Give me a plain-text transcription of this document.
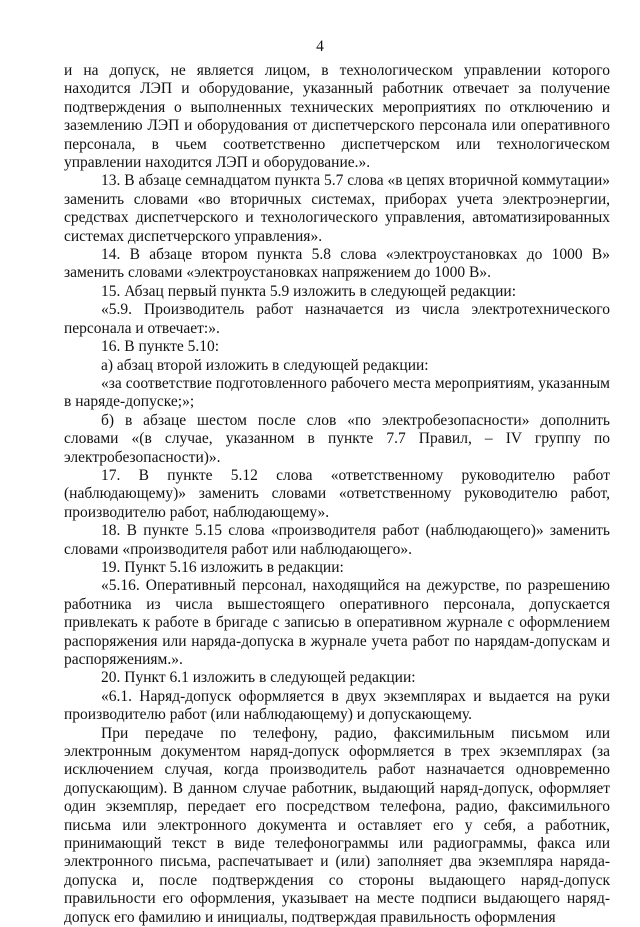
4

и на допуск, не является лицом, в технологическом управлении которого находится ЛЭП и оборудование, указанный работник отвечает за получение подтверждения о выполненных технических мероприятиях по отключению и заземлению ЛЭП и оборудования от диспетчерского персонала или оперативного персонала, в чьем соответственно диспетчерском или технологическом управлении находится ЛЭП и оборудование.».

13. В абзаце семнадцатом пункта 5.7 слова «в цепях вторичной коммутации» заменить словами «во вторичных системах, приборах учета электроэнергии, средствах диспетчерского и технологического управления, автоматизированных системах диспетчерского управления».

14. В абзаце втором пункта 5.8 слова «электроустановках до 1000 В» заменить словами «электроустановках напряжением до 1000 В».

15. Абзац первый пункта 5.9 изложить в следующей редакции:

«5.9. Производитель работ назначается из числа электротехнического персонала и отвечает:».

16. В пункте 5.10:

а) абзац второй изложить в следующей редакции:

«за соответствие подготовленного рабочего места мероприятиям, указанным в наряде-допуске;»;

б) в абзаце шестом после слов «по электробезопасности» дополнить словами «(в случае, указанном в пункте 7.7 Правил, – IV группу по электробезопасности)».

17. В пункте 5.12 слова «ответственному руководителю работ (наблюдающему)» заменить словами «ответственному руководителю работ, производителю работ, наблюдающему».

18. В пункте 5.15 слова «производителя работ (наблюдающего)» заменить словами «производителя работ или наблюдающего».

19. Пункт 5.16 изложить в редакции:

«5.16. Оперативный персонал, находящийся на дежурстве, по разрешению работника из числа вышестоящего оперативного персонала, допускается привлекать к работе в бригаде с записью в оперативном журнале с оформлением распоряжения или наряда-допуска в журнале учета работ по нарядам-допускам и распоряжениям.».

20. Пункт 6.1 изложить в следующей редакции:

«6.1. Наряд-допуск оформляется в двух экземплярах и выдается на руки производителю работ (или наблюдающему) и допускающему.

При передаче по телефону, радио, факсимильным письмом или электронным документом наряд-допуск оформляется в трех экземплярах (за исключением случая, когда производитель работ назначается одновременно допускающим). В данном случае работник, выдающий наряд-допуск, оформляет один экземпляр, передает его посредством телефона, радио, факсимильного письма или электронного документа и оставляет его у себя, а работник, принимающий текст в виде телефонограммы или радиограммы, факса или электронного письма, распечатывает и (или) заполняет два экземпляра наряда-допуска и, после подтверждения со стороны выдающего наряд-допуск правильности его оформления, указывает на месте подписи выдающего наряд-допуск его фамилию и инициалы, подтверждая правильность оформления
